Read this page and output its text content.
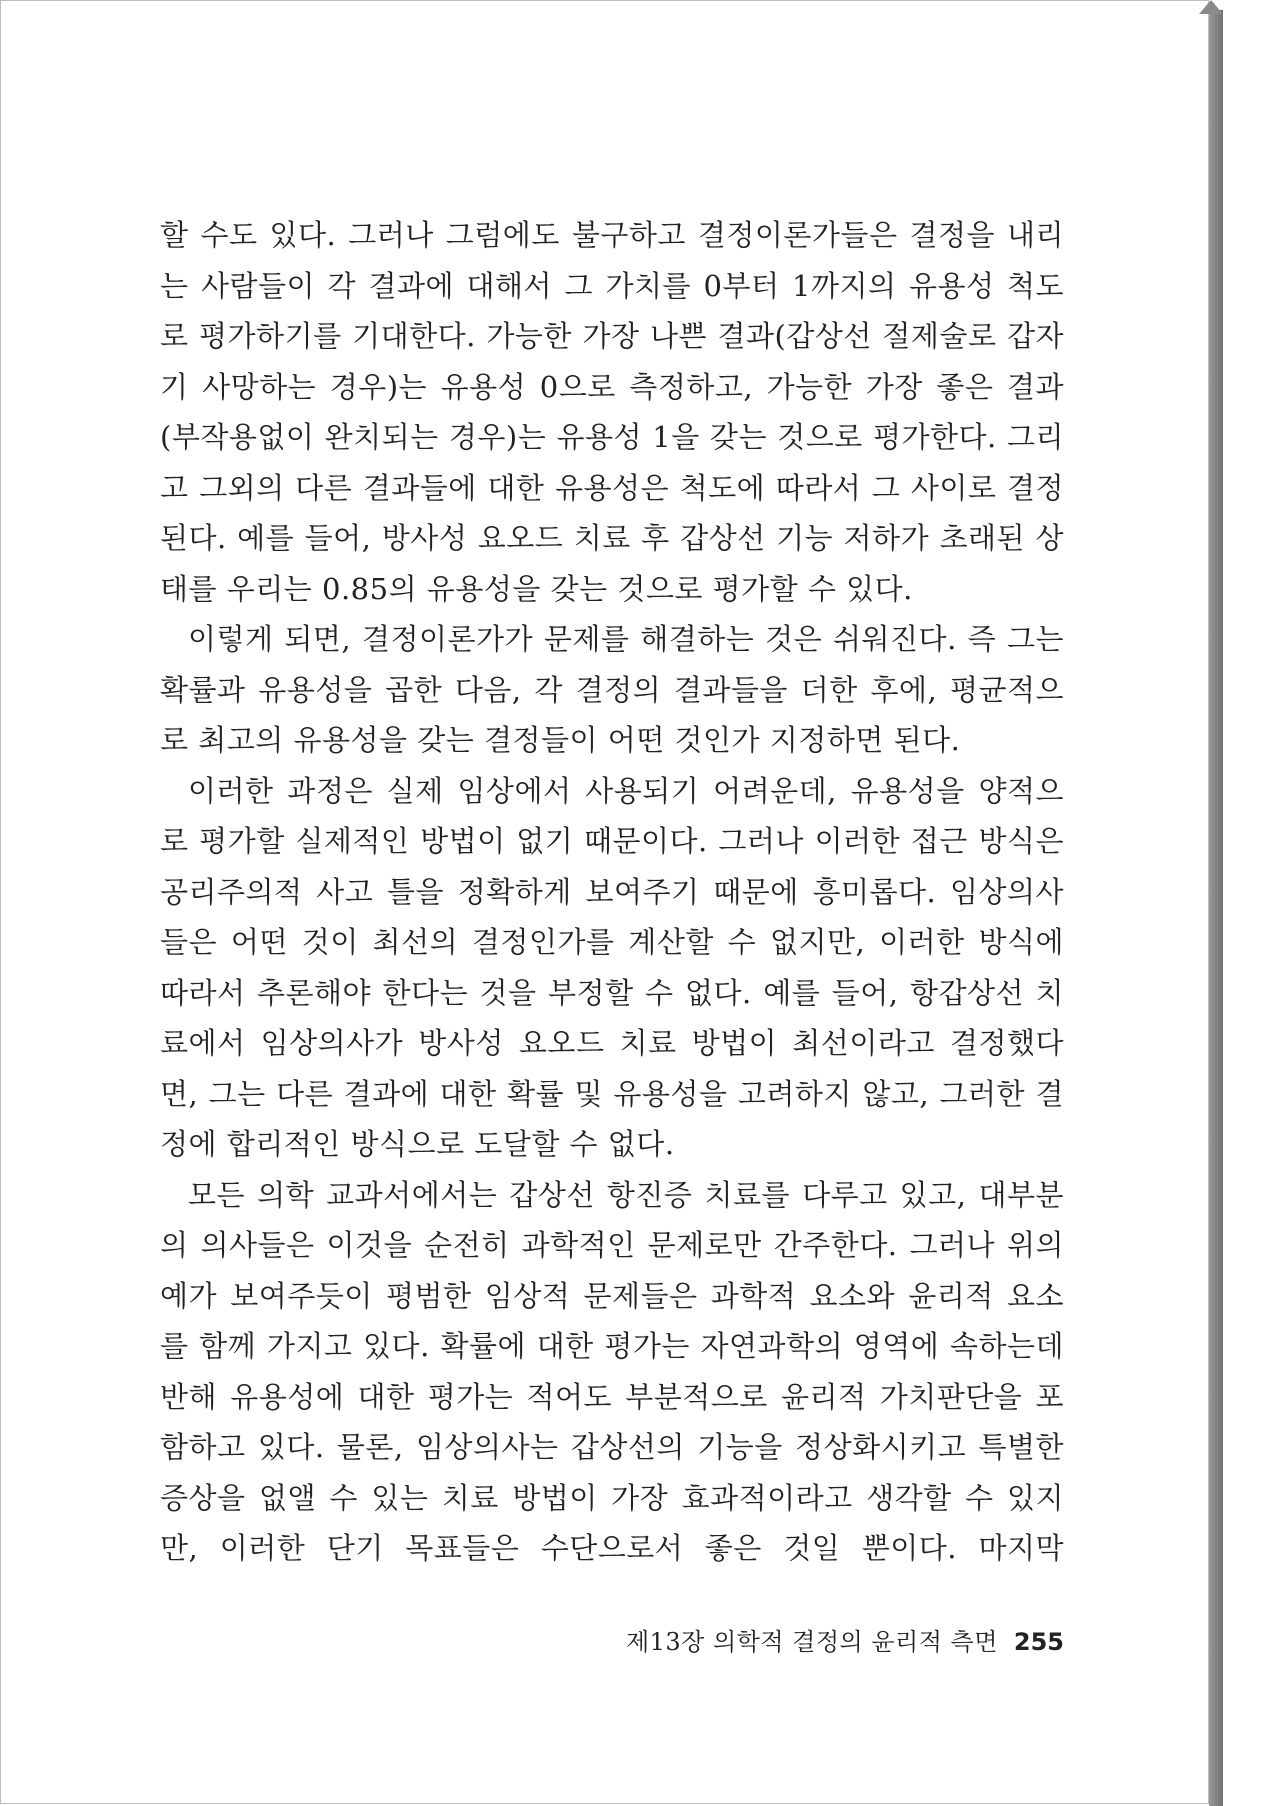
할 수도 있다. 그러나 그럼에도 불구하고 결정이론가들은 결정을 내리는 사람들이 각 결과에 대해서 그 가치를 0부터 1까지의 유용성 척도로 평가하기를 기대한다. 가능한 가장 나쁜 결과(갑상선 절제술로 갑자기 사망하는 경우)는 유용성 0으로 측정하고, 가능한 가장 좋은 결과(부작용없이 완치되는 경우)는 유용성 1을 갖는 것으로 평가한다. 그리고 그외의 다른 결과들에 대한 유용성은 척도에 따라서 그 사이로 결정된다. 예를 들어, 방사성 요오드 치료 후 갑상선 기능 저하가 초래된 상태를 우리는 0.85의 유용성을 갖는 것으로 평가할 수 있다.

이렇게 되면, 결정이론가가 문제를 해결하는 것은 쉬워진다. 즉 그는 확률과 유용성을 곱한 다음, 각 결정의 결과들을 더한 후에, 평균적으로 최고의 유용성을 갖는 결정들이 어떤 것인가 지정하면 된다.

이러한 과정은 실제 임상에서 사용되기 어려운데, 유용성을 양적으로 평가할 실제적인 방법이 없기 때문이다. 그러나 이러한 접근 방식은 공리주의적 사고 틀을 정확하게 보여주기 때문에 흥미롭다. 임상의사들은 어떤 것이 최선의 결정인가를 계산할 수 없지만, 이러한 방식에 따라서 추론해야 한다는 것을 부정할 수 없다. 예를 들어, 항갑상선 치료에서 임상의사가 방사성 요오드 치료 방법이 최선이라고 결정했다면, 그는 다른 결과에 대한 확률 및 유용성을 고려하지 않고, 그러한 결정에 합리적인 방식으로 도달할 수 없다.

모든 의학 교과서에서는 갑상선 항진증 치료를 다루고 있고, 대부분의 의사들은 이것을 순전히 과학적인 문제로만 간주한다. 그러나 위의 예가 보여주듯이 평범한 임상적 문제들은 과학적 요소와 윤리적 요소를 함께 가지고 있다. 확률에 대한 평가는 자연과학의 영역에 속하는데 반해 유용성에 대한 평가는 적어도 부분적으로 윤리적 가치판단을 포함하고 있다. 물론, 임상의사는 갑상선의 기능을 정상화시키고 특별한 증상을 없앨 수 있는 치료 방법이 가장 효과적이라고 생각할 수 있지만, 이러한 단기 목표들은 수단으로서 좋은 것일 뿐이다. 마지막

제13장 의학적 결정의 윤리적 측면 255
